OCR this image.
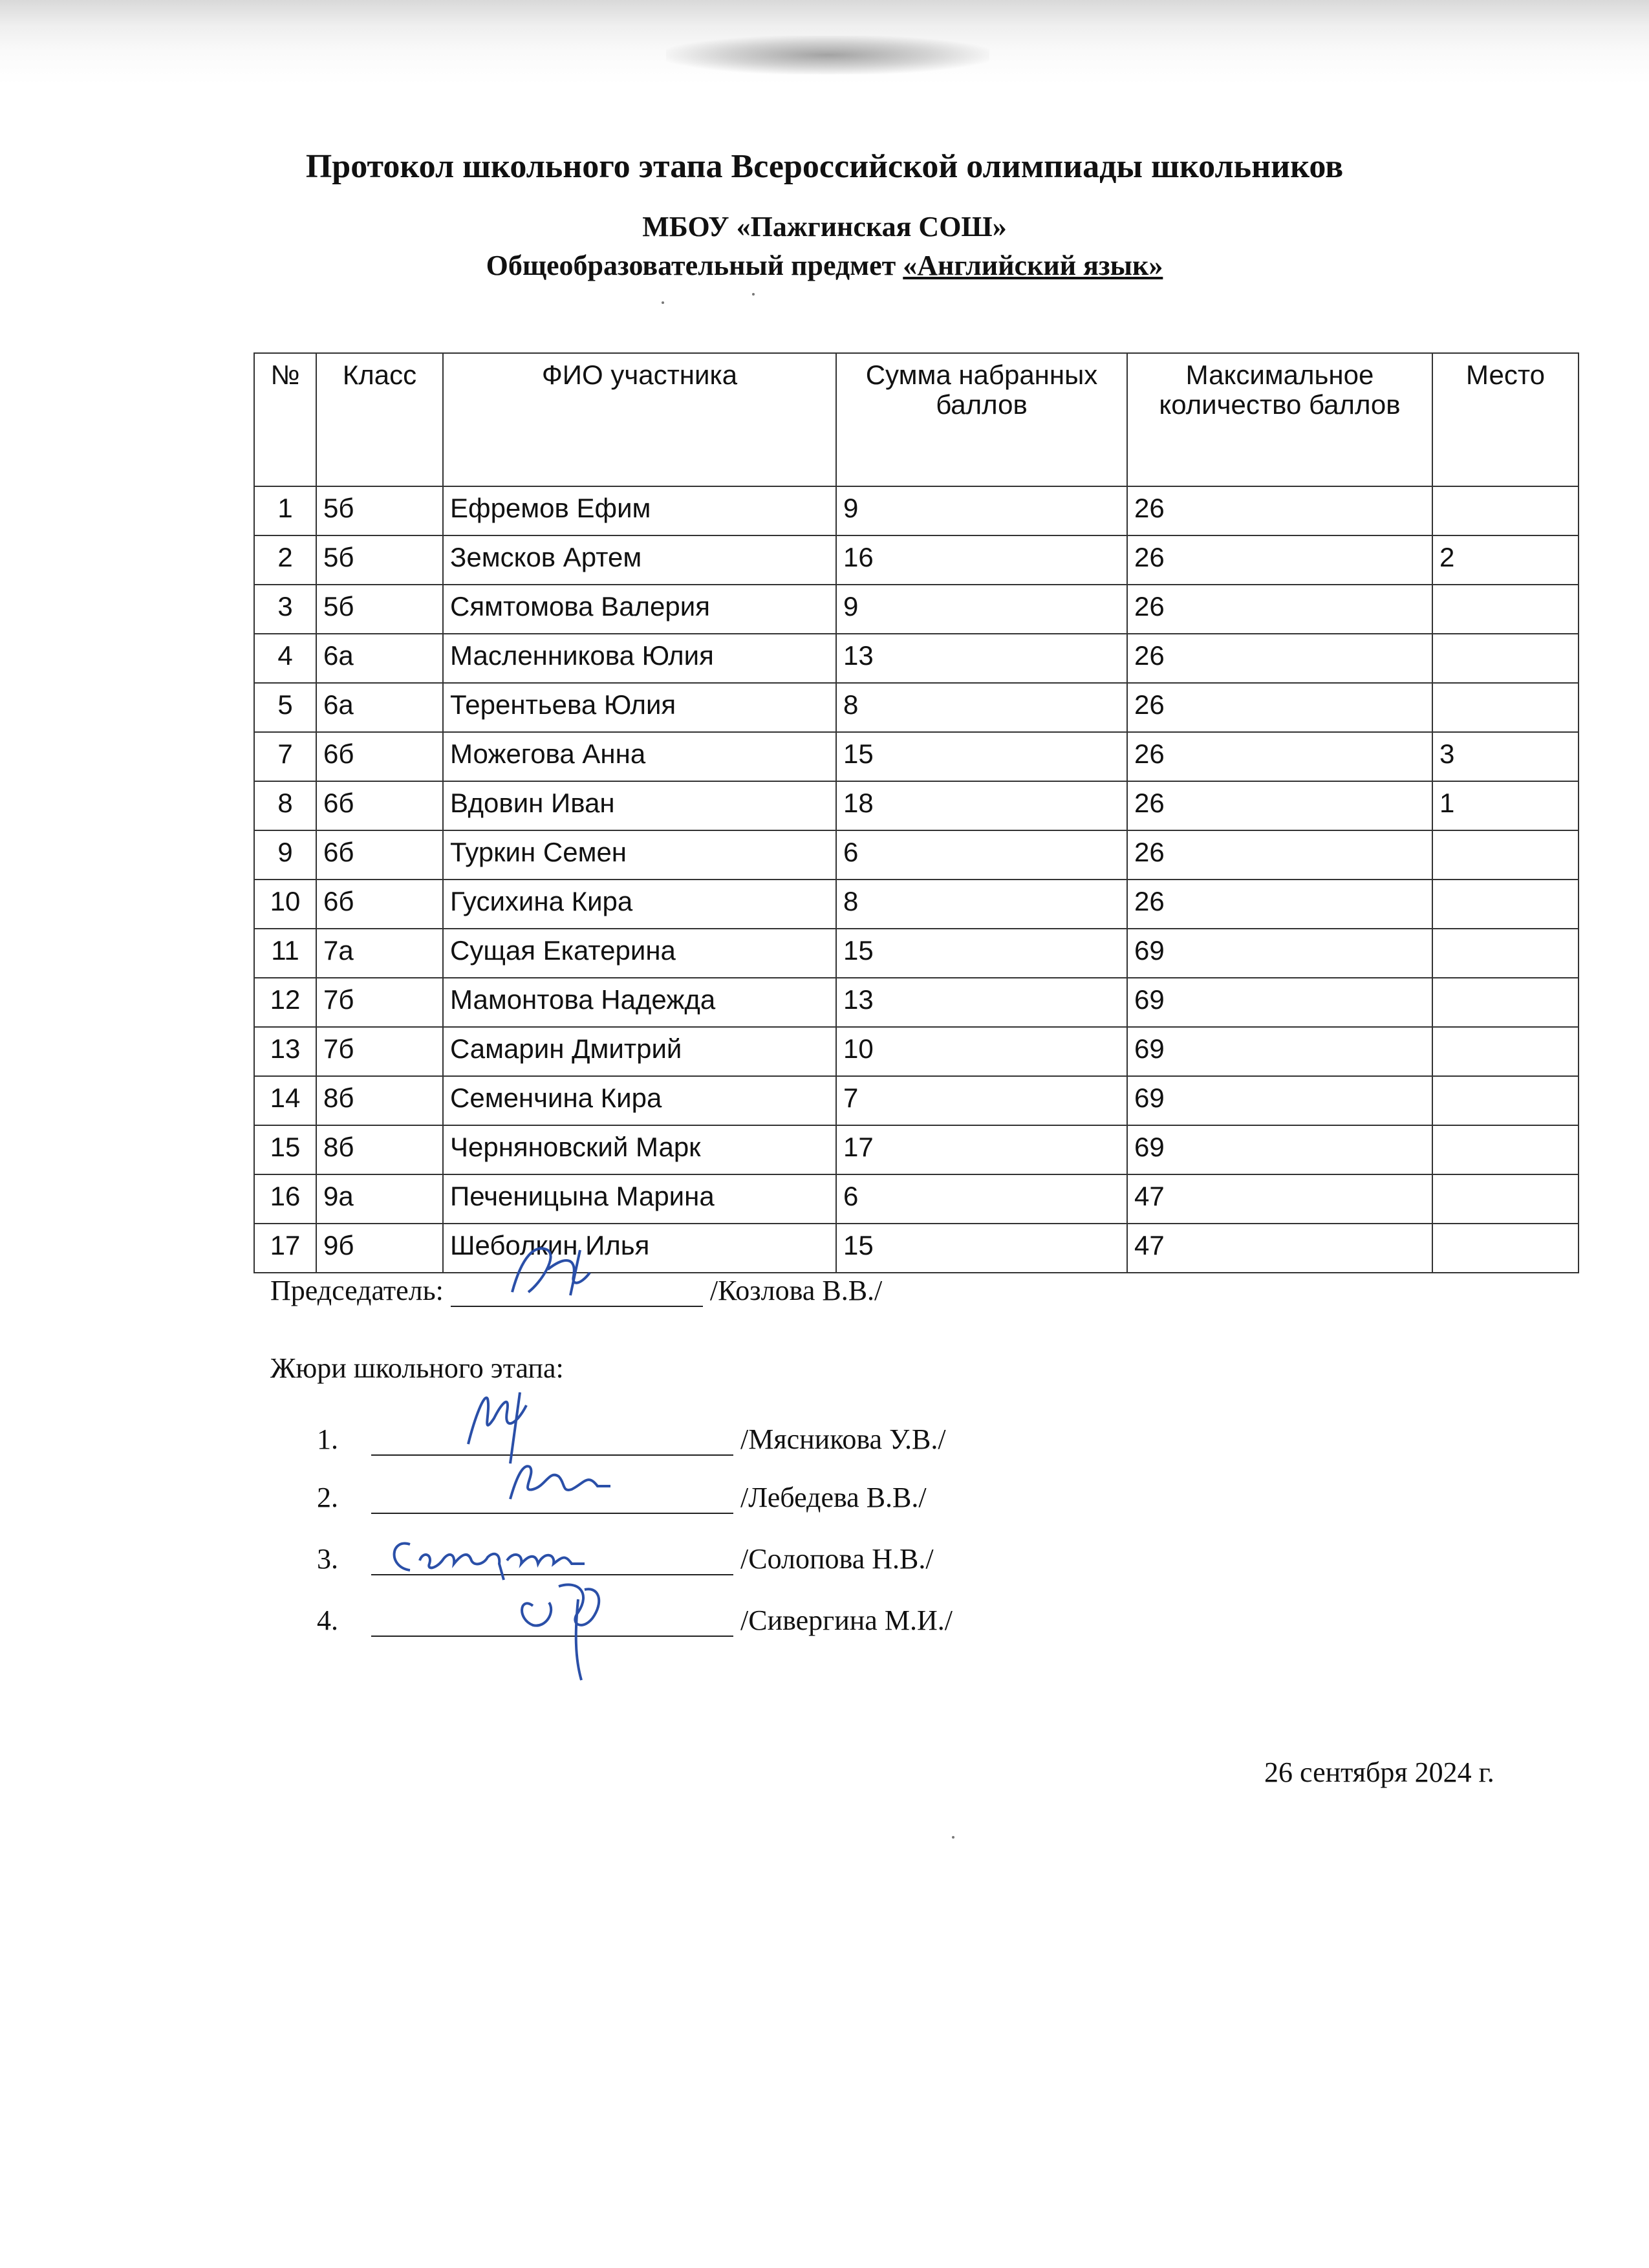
Протокол школьного этапа Всероссийской олимпиады школьников
МБОУ «Пажгинская СОШ»
Общеобразовательный предмет «Английский язык»
№	Класс	ФИО участника	Сумма набранных баллов	Максимальное количество баллов	Место
1	5б	Ефремов Ефим	9	26	
2	5б	Земсков Артем	16	26	2
3	5б	Сямтомова Валерия	9	26	
4	6а	Масленникова Юлия	13	26	
5	6а	Терентьева Юлия	8	26	
7	6б	Можегова Анна	15	26	3
8	6б	Вдовин Иван	18	26	1
9	6б	Туркин Семен	6	26	
10	6б	Гусихина Кира	8	26	
11	7а	Сущая Екатерина	15	69	
12	7б	Мамонтова Надежда	13	69	
13	7б	Самарин Дмитрий	10	69	
14	8б	Семенчина Кира	7	69	
15	8б	Черняновский Марк	17	69	
16	9а	Печеницына Марина	6	47	
17	9б	Шеболкин Илья	15	47	
Председатель:	/Козлова В.В./
Жюри школьного этапа:
1.	/Мясникова У.В./
2.	/Лебедева В.В./
3.	/Солопова Н.В./
4.	/Сивергина М.И./
26 сентября 2024 г.
